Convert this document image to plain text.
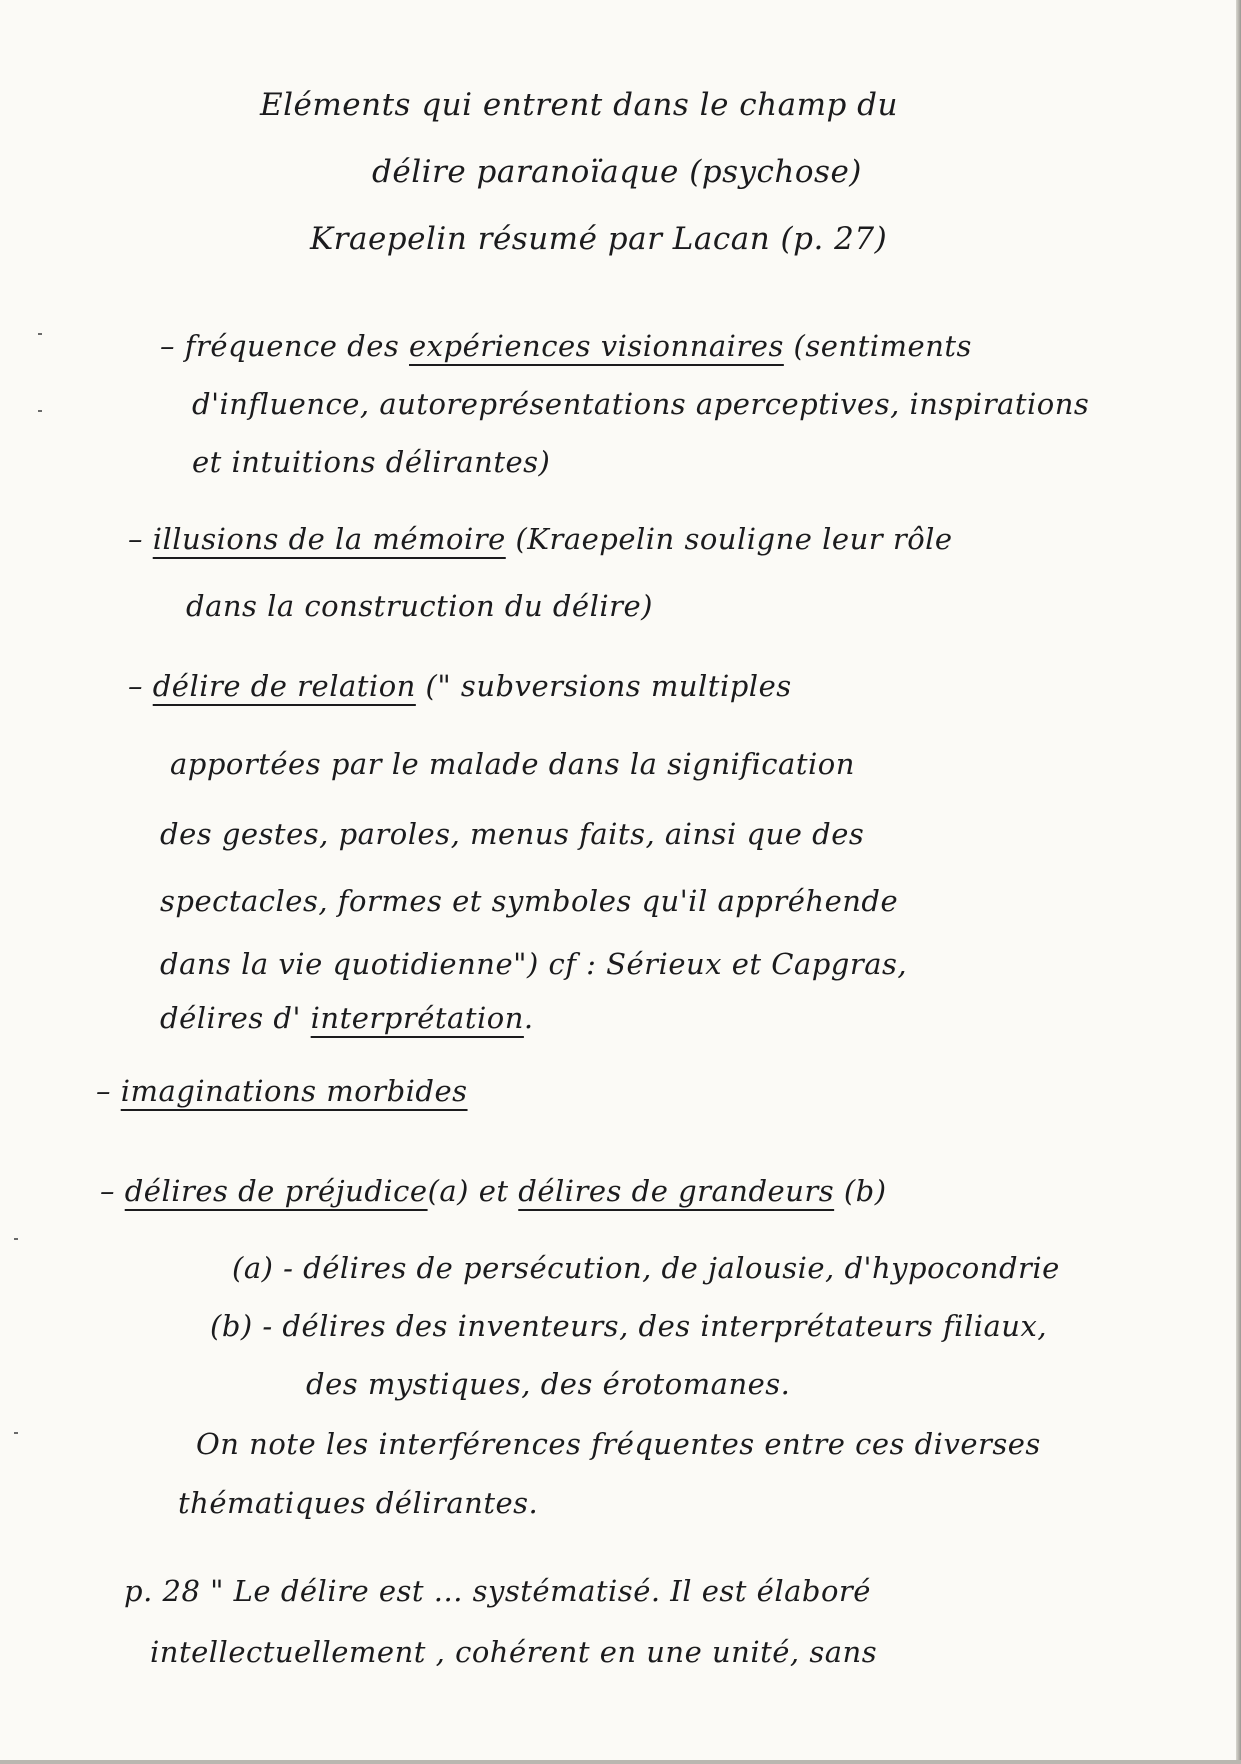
Eléments qui entrent dans le champ du

délire paranoïaque (psychose)

Kraepelin résumé par Lacan (p. 27)

– fréquence des expériences visionnaires (sentiments

d'influence, autoreprésentations aperceptives, inspirations

et intuitions délirantes)

– illusions de la mémoire (Kraepelin souligne leur rôle

dans la construction du délire)

– délire de relation (" subversions multiples

apportées par le malade dans la signification

des gestes, paroles, menus faits, ainsi que des

spectacles, formes et symboles qu'il appréhende

dans la vie quotidienne") cf : Sérieux et Capgras,

délires d' interprétation.

– imaginations morbides

– délires de préjudice(a) et délires de grandeurs (b)

(a) - délires de persécution, de jalousie, d'hypocondrie

(b) - délires des inventeurs, des interprétateurs filiaux,

des mystiques, des érotomanes.

On note les interférences fréquentes entre ces diverses

thématiques délirantes.

p. 28 " Le délire est ... systématisé. Il est élaboré

intellectuellement , cohérent en une unité, sans
